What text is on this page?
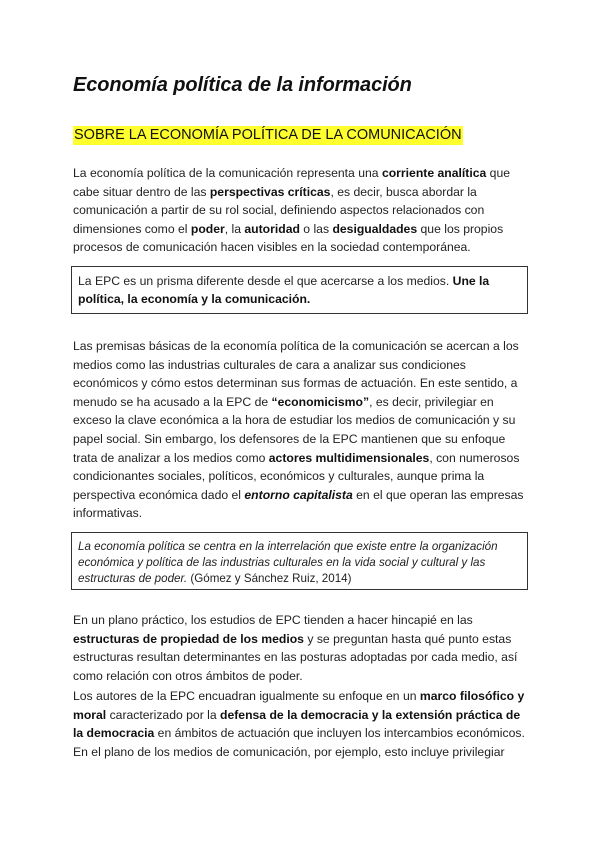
Economía política de la información
SOBRE LA ECONOMÍA POLÍTICA DE LA COMUNICACIÓN

La economía política de la comunicación representa una corriente analítica que cabe situar dentro de las perspectivas críticas, es decir, busca abordar la comunicación a partir de su rol social, definiendo aspectos relacionados con dimensiones como el poder, la autoridad o las desigualdades que los propios procesos de comunicación hacen visibles en la sociedad contemporánea.

La EPC es un prisma diferente desde el que acercarse a los medios. Une la política, la economía y la comunicación.

Las premisas básicas de la economía política de la comunicación se acercan a los medios como las industrias culturales de cara a analizar sus condiciones económicos y cómo estos determinan sus formas de actuación. En este sentido, a menudo se ha acusado a la EPC de “economicismo”, es decir, privilegiar en exceso la clave económica a la hora de estudiar los medios de comunicación y su papel social. Sin embargo, los defensores de la EPC mantienen que su enfoque trata de analizar a los medios como actores multidimensionales, con numerosos condicionantes sociales, políticos, económicos y culturales, aunque prima la perspectiva económica dado el entorno capitalista en el que operan las empresas informativas.

La economía política se centra en la interrelación que existe entre la organización económica y política de las industrias culturales en la vida social y cultural y las estructuras de poder. (Gómez y Sánchez Ruiz, 2014)

En un plano práctico, los estudios de EPC tienden a hacer hincapié en las estructuras de propiedad de los medios y se preguntan hasta qué punto estas estructuras resultan determinantes en las posturas adoptadas por cada medio, así como relación con otros ámbitos de poder.

Los autores de la EPC encuadran igualmente su enfoque en un marco filosófico y moral caracterizado por la defensa de la democracia y la extensión práctica de la democracia en ámbitos de actuación que incluyen los intercambios económicos. En el plano de los medios de comunicación, por ejemplo, esto incluye privilegiar
